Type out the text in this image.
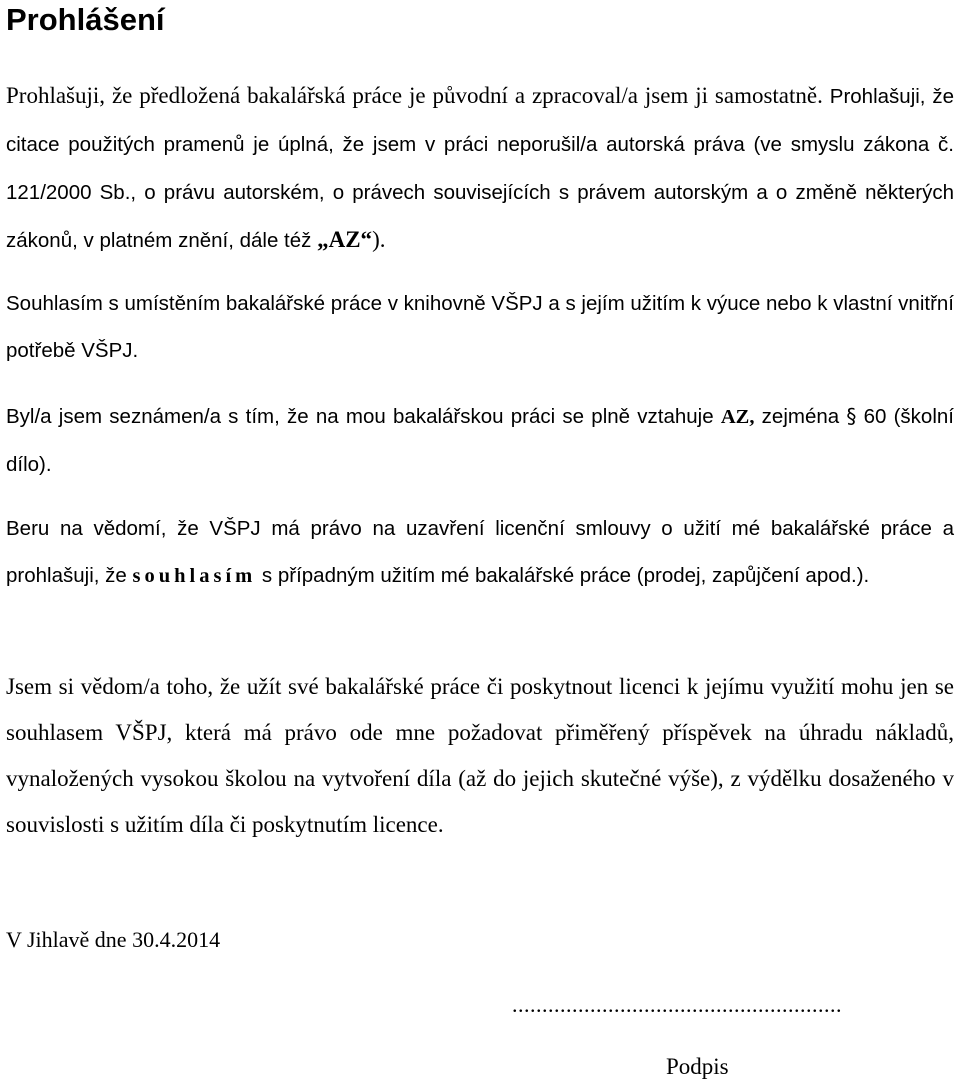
Prohlášení

Prohlašuji, že předložená bakalářská práce je původní a zpracoval/a jsem ji samostatně. Prohlašuji, že citace použitých pramenů je úplná, že jsem v práci neporušil/a autorská práva (ve smyslu zákona č. 121/2000 Sb., o právu autorském, o právech souvisejících s právem autorským a o změně některých zákonů, v platném znění, dále též „AZ“).

Souhlasím s umístěním bakalářské práce v knihovně VŠPJ a s jejím užitím k výuce nebo k vlastní vnitřní potřebě VŠPJ.

Byl/a jsem seznámen/a s tím, že na mou bakalářskou práci se plně vztahuje AZ, zejména § 60 (školní dílo).

Beru na vědomí, že VŠPJ má právo na uzavření licenční smlouvy o užití mé bakalářské práce a prohlašuji, že souhlasím s případným užitím mé bakalářské práce (prodej, zapůjčení apod.).

Jsem si vědom/a toho, že užít své bakalářské práce či poskytnout licenci k jejímu využití mohu jen se souhlasem VŠPJ, která má právo ode mne požadovat přiměřený příspěvek na úhradu nákladů, vynaložených vysokou školou na vytvoření díla (až do jejich skutečné výše), z výdělku dosaženého v souvislosti s užitím díla či poskytnutím licence.

V Jihlavě dne 30.4.2014

.......................................................
Podpis
